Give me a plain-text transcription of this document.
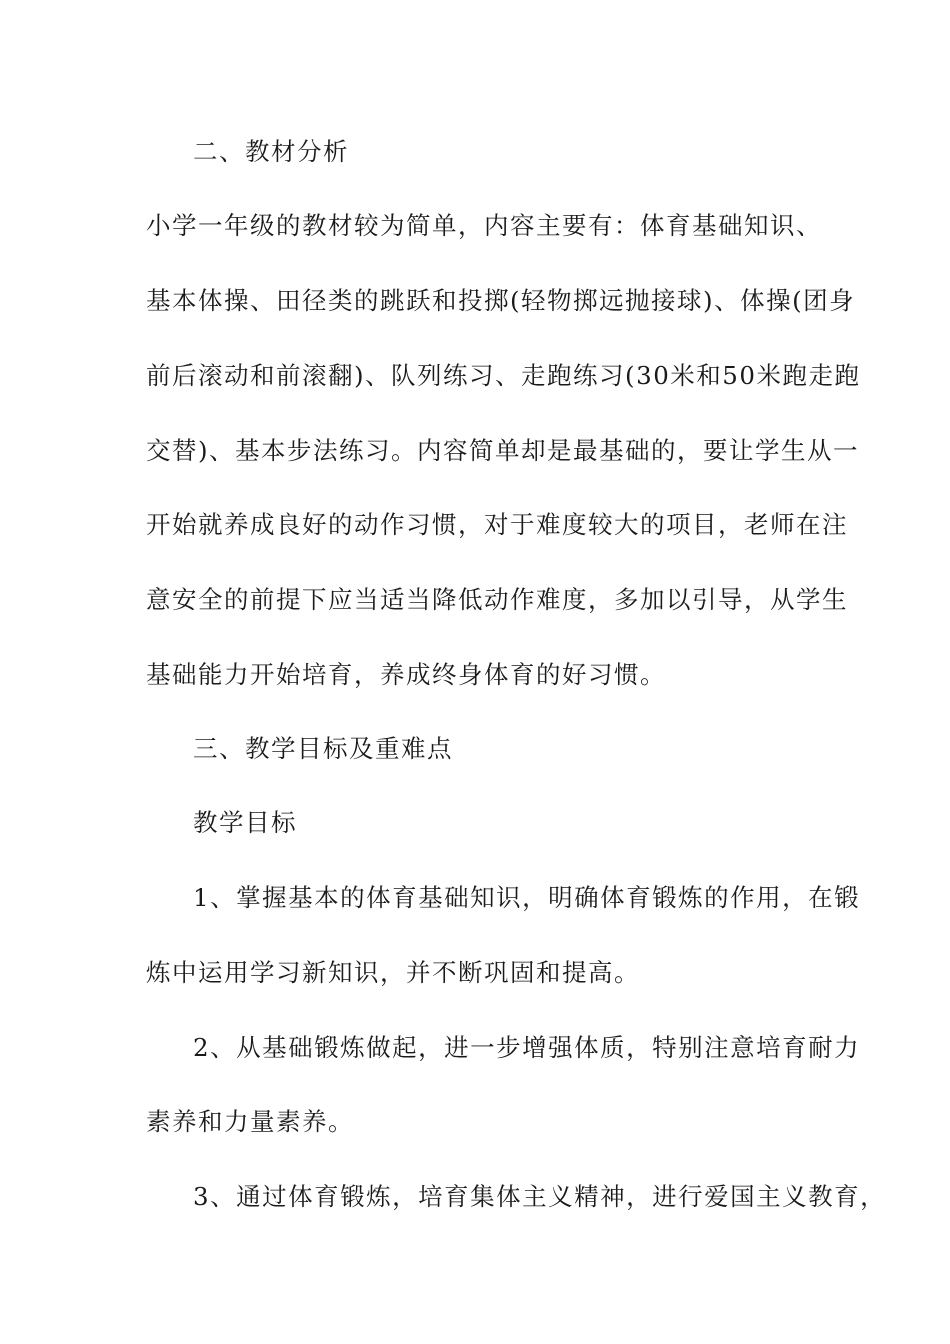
二、教材分析
小学一年级的教材较为简单，内容主要有：体育基础知识、
基本体操、田径类的跳跃和投掷(轻物掷远抛接球)、体操(团身
前后滚动和前滚翻)、队列练习、走跑练习(30米和50米跑走跑
交替)、基本步法练习。内容简单却是最基础的，要让学生从一
开始就养成良好的动作习惯，对于难度较大的项目，老师在注
意安全的前提下应当适当降低动作难度，多加以引导，从学生
基础能力开始培育，养成终身体育的好习惯。
三、教学目标及重难点
教学目标
1、掌握基本的体育基础知识，明确体育锻炼的作用，在锻
炼中运用学习新知识，并不断巩固和提高。
2、从基础锻炼做起，进一步增强体质，特别注意培育耐力
素养和力量素养。
3、通过体育锻炼，培育集体主义精神，进行爱国主义教育，
